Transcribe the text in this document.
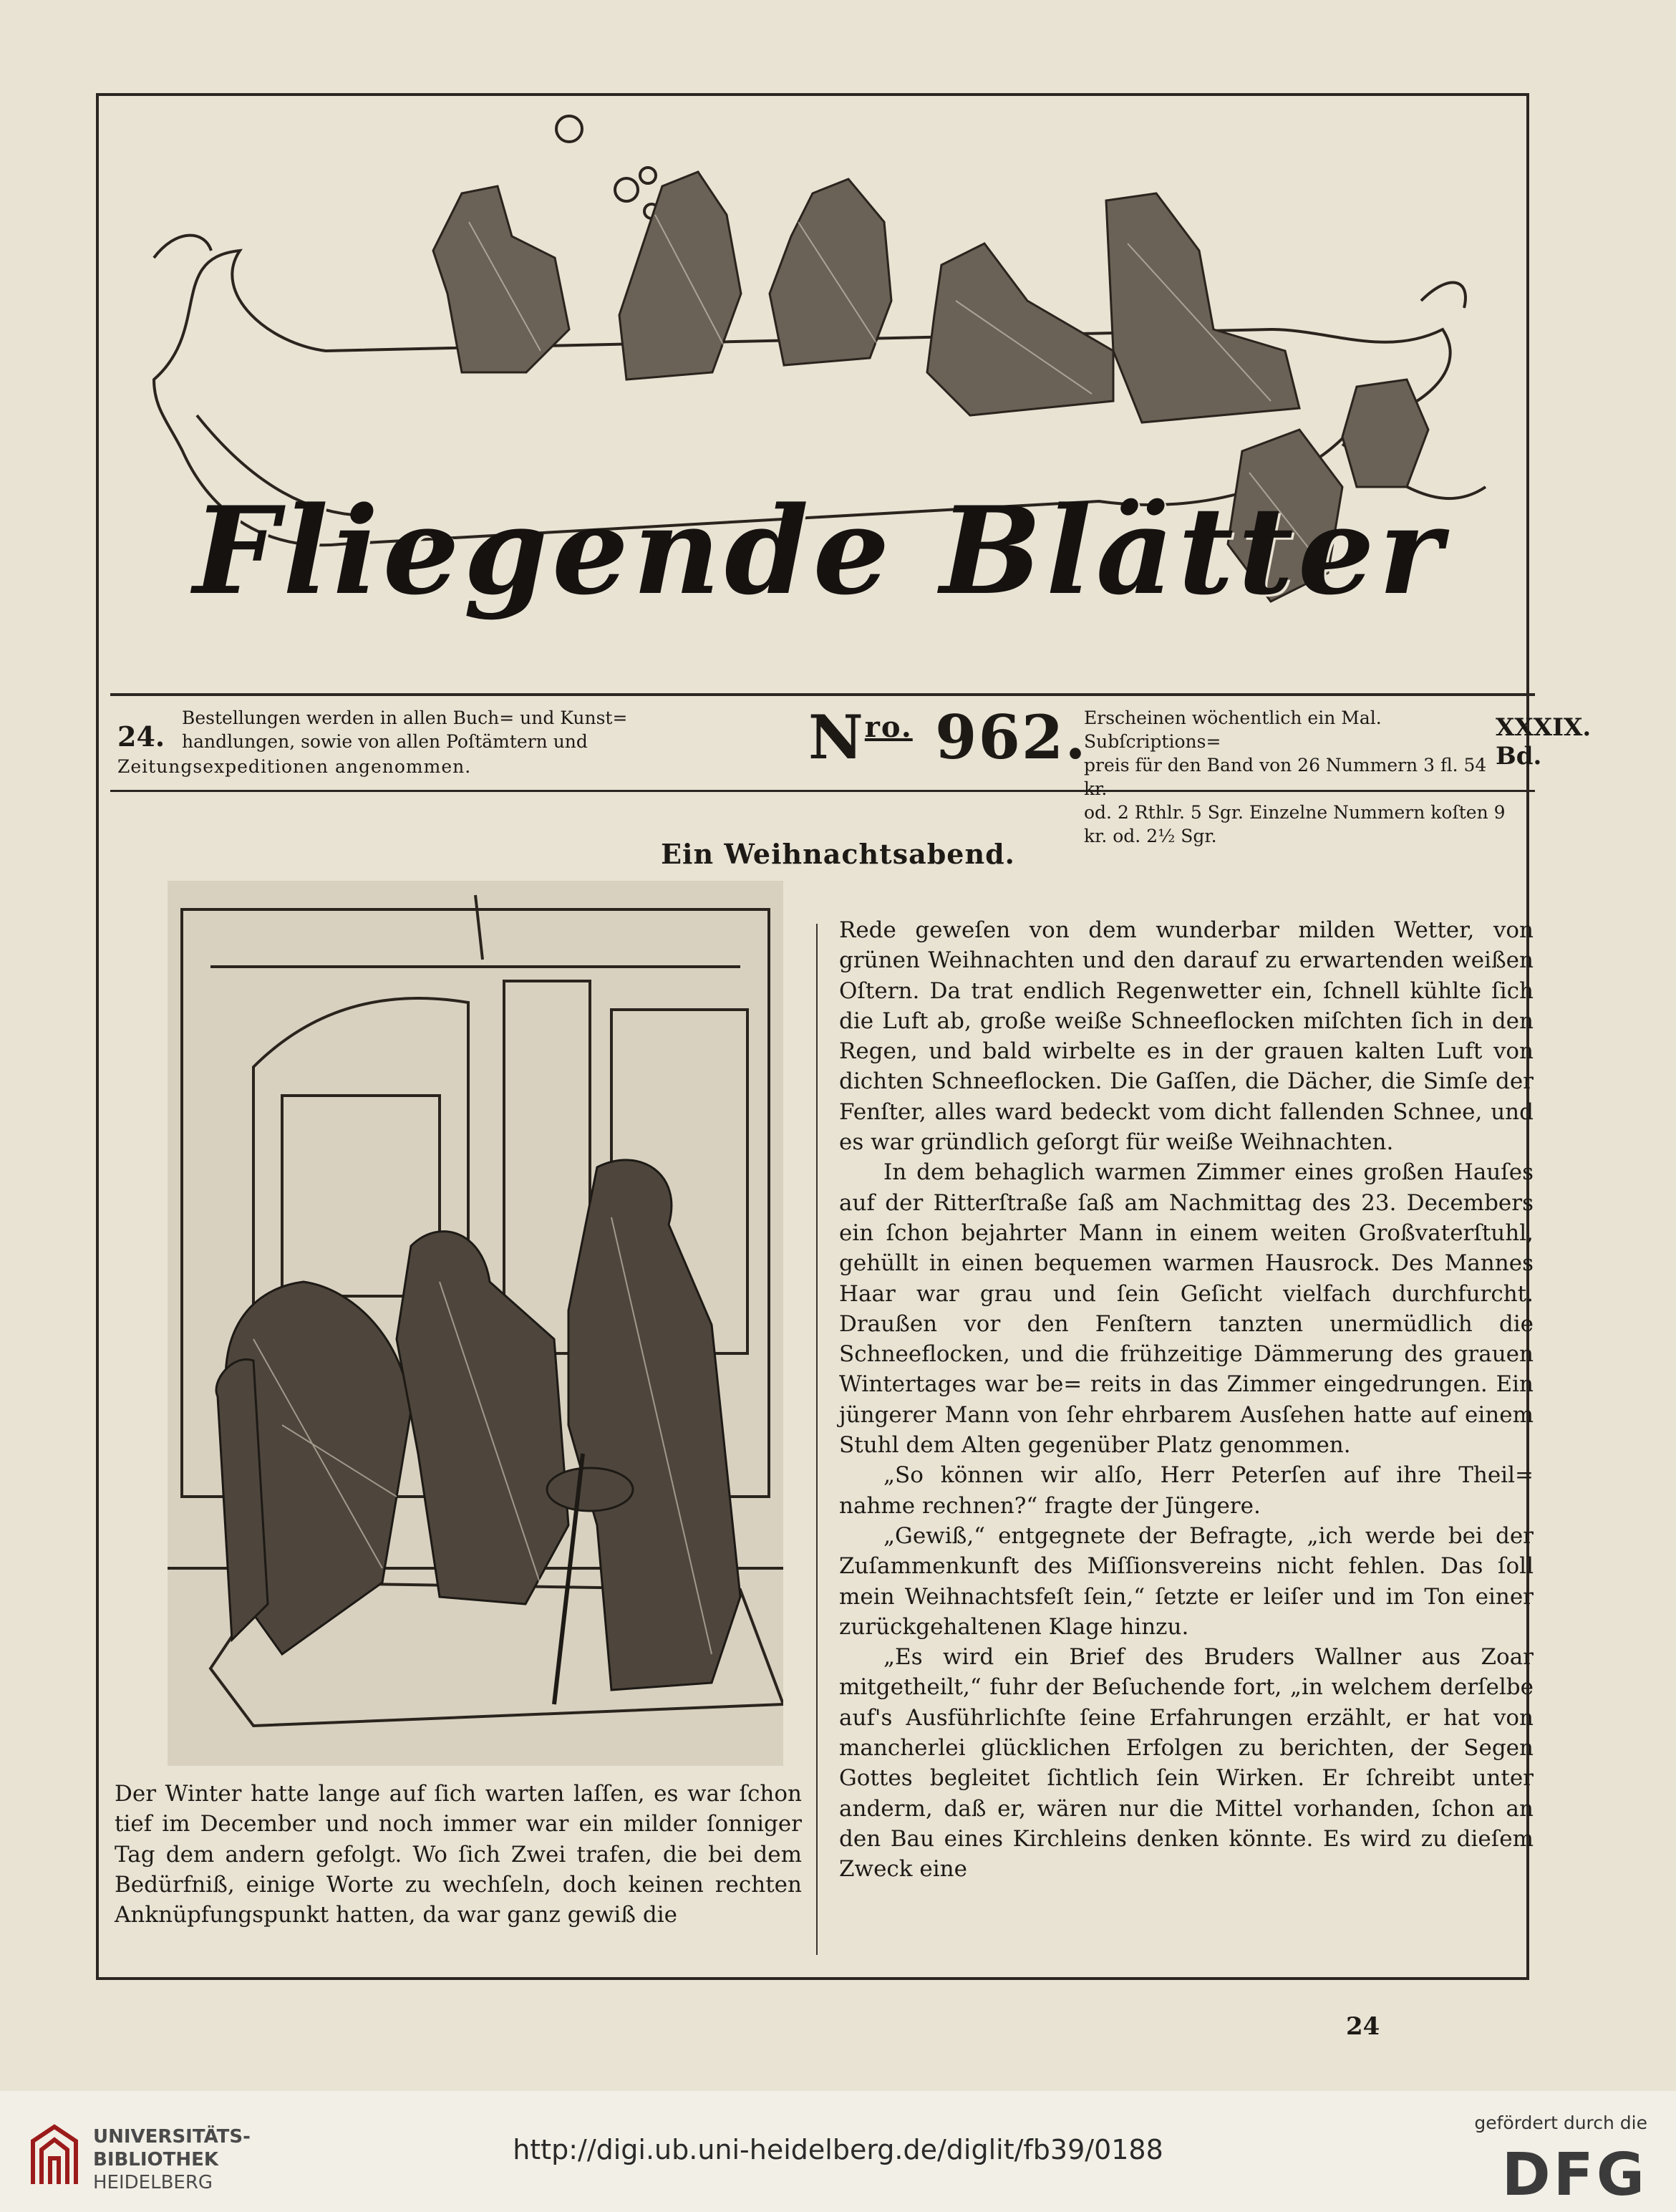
Fliegende Blätter
24.
Bestellungen werden in allen Buch= und Kunst=
handlungen, sowie von allen Poſtämtern und
Zeitungsexpeditionen angenommen.	$N^{ro.}$ 962.
Erscheinen wöchentlich ein Mal. Subſcriptions=
preis für den Band von 26 Nummern 3 fl. 54 kr.
od. 2 Rthlr. 5 Sgr. Einzelne Nummern koſten 9 kr. od. 2½ Sgr.
XXXIX. Bd.
Ein Weihnachtsabend.

Der Winter hatte lange auf ſich warten laſſen, es war ſchon tief im December und noch immer war ein milder ſonniger Tag dem andern gefolgt. Wo ſich Zwei trafen, die bei dem Bedürfniß, einige Worte zu wechſeln, doch keinen rechten Anknüpfungspunkt hatten, da war ganz gewiß die

Rede geweſen von dem wunderbar milden Wetter, von grünen Weihnachten und den darauf zu erwartenden weißen Oſtern. Da trat endlich Regenwetter ein, ſchnell kühlte ſich die Luft ab, große weiße Schneeflocken miſchten ſich in den Regen, und bald wirbelte es in der grauen kalten Luft von dichten Schneeflocken. Die Gaſſen, die Dächer, die Simſe der Fenſter, alles ward bedeckt vom dicht fallenden Schnee, und es war gründlich geſorgt für weiße Weihnachten.

In dem behaglich warmen Zimmer eines großen Hauſes auf der Ritterſtraße ſaß am Nachmittag des 23. Decembers ein ſchon bejahrter Mann in einem weiten Großvaterſtuhl, gehüllt in einen bequemen warmen Hausrock. Des Mannes Haar war grau und ſein Geſicht vielfach durchfurcht. Draußen vor den Fenſtern tanzten unermüdlich die Schneeflocken, und die frühzeitige Dämmerung des grauen Wintertages war be= reits in das Zimmer eingedrungen. Ein jüngerer Mann von ſehr ehrbarem Ausſehen hatte auf einem Stuhl dem Alten gegenüber Platz genommen.

„So können wir alſo, Herr Peterſen auf ihre Theil= nahme rechnen?“ fragte der Jüngere.

„Gewiß,“ entgegnete der Befragte, „ich werde bei der Zuſammenkunft des Miſſionsvereins nicht fehlen. Das ſoll mein Weihnachtsfeſt ſein,“ ſetzte er leiſer und im Ton einer zurückgehaltenen Klage hinzu.

„Es wird ein Brief des Bruders Wallner aus Zoar mitgetheilt,“ fuhr der Beſuchende fort, „in welchem derſelbe auf's Ausführlichſte ſeine Erfahrungen erzählt, er hat von mancherlei glücklichen Erfolgen zu berichten, der Segen Gottes begleitet ſichtlich ſein Wirken. Er ſchreibt unter anderm, daß er, wären nur die Mittel vorhanden, ſchon an den Bau eines Kirchleins denken könnte. Es wird zu dieſem Zweck eine

24
UNIVERSITÄTS-
BIBLIOTHEK
HEIDELBERG
http://digi.ub.uni-heidelberg.de/diglit/fb39/0188
gefördert durch die
DFG
